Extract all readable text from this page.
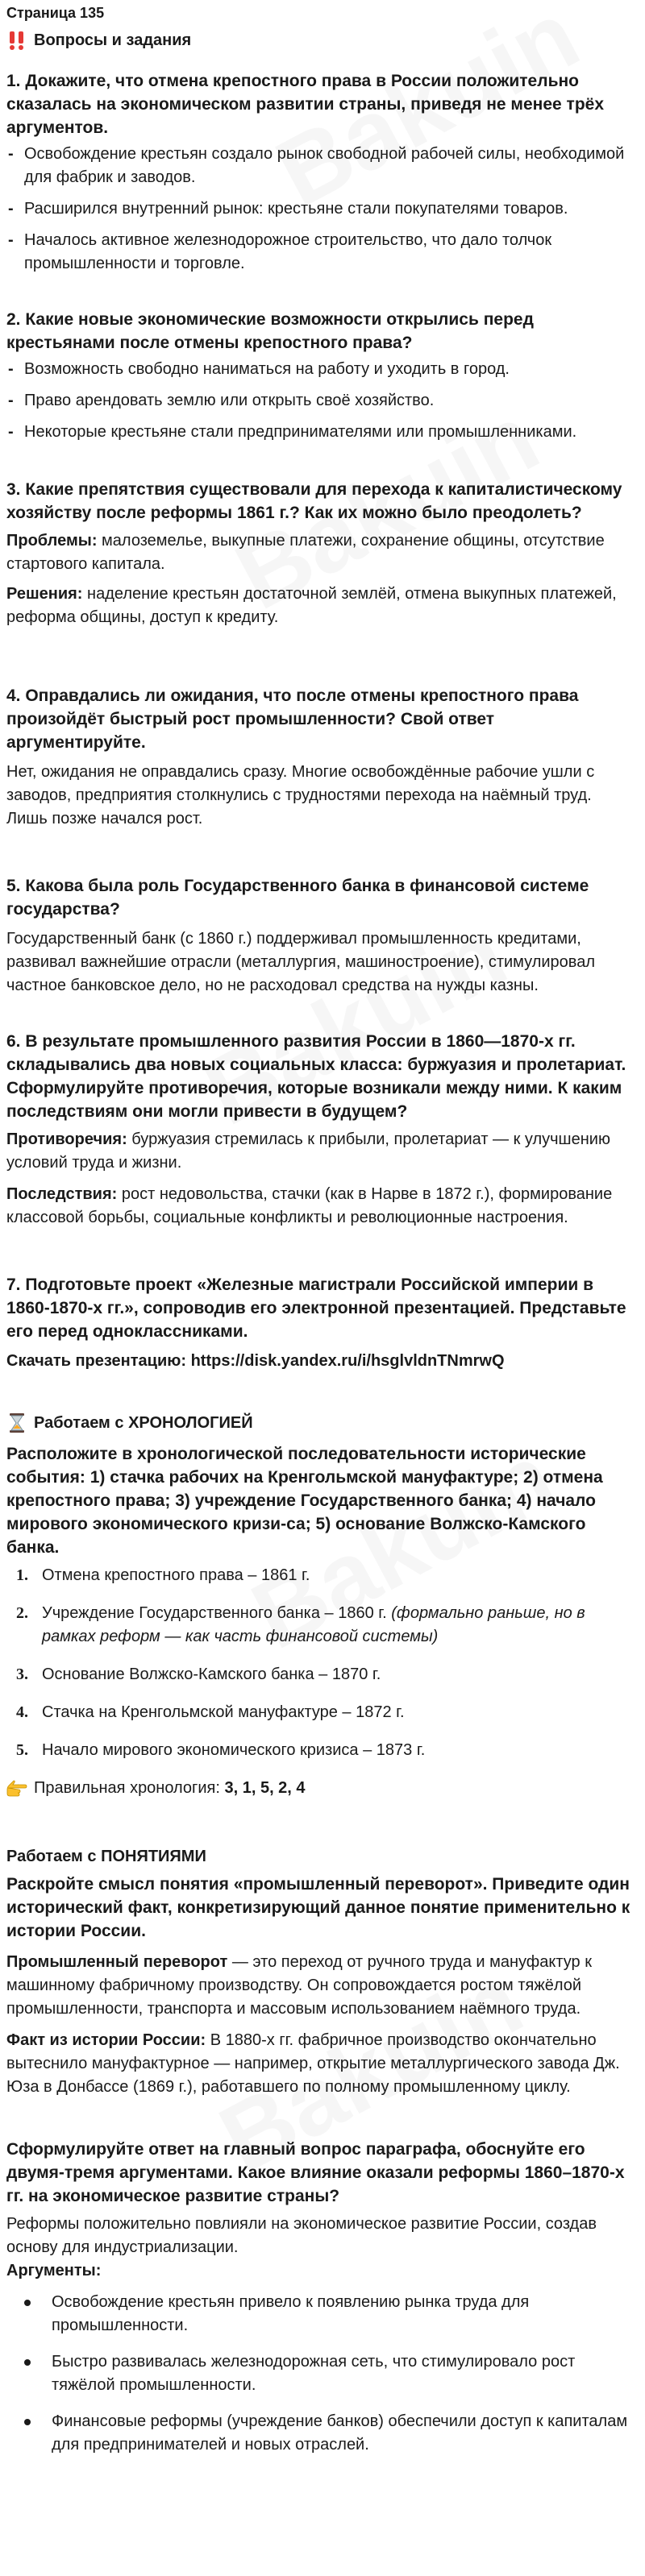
Страница 135
Вопросы и задания

1. Докажите, что отмена крепостного права в России положительно сказалась на экономическом развитии страны, приведя не менее трёх аргументов.

- Освобождение крестьян создало рынок свободной рабочей силы, необходимой для фабрик и заводов.
- Расширился внутренний рынок: крестьяне стали покупателями товаров.
- Началось активное железнодорожное строительство, что дало толчок промышленности и торговле.

2. Какие новые экономические возможности открылись перед крестьянами после отмены крепостного права?

- Возможность свободно наниматься на работу и уходить в город.
- Право арендовать землю или открыть своё хозяйство.
- Некоторые крестьяне стали предпринимателями или промышленниками.

3. Какие препятствия существовали для перехода к капиталистическому хозяйству после реформы 1861 г.? Как их можно было преодолеть?

Проблемы: малоземелье, выкупные платежи, сохранение общины, отсутствие стартового капитала.

Решения: наделение крестьян достаточной землёй, отмена выкупных платежей, реформа общины, доступ к кредиту.

4. Оправдались ли ожидания, что после отмены крепостного права произойдёт быстрый рост промышленности? Свой ответ аргументируйте.

Нет, ожидания не оправдались сразу. Многие освобождённые рабочие ушли с заводов, предприятия столкнулись с трудностями перехода на наёмный труд. Лишь позже начался рост.

5. Какова была роль Государственного банка в финансовой системе государства?

Государственный банк (с 1860 г.) поддерживал промышленность кредитами, развивал важнейшие отрасли (металлургия, машиностроение), стимулировал частное банковское дело, но не расходовал средства на нужды казны.

6. В результате промышленного развития России в 1860—1870-х гг. складывались два новых социальных класса: буржуазия и пролетариат. Сформулируйте противоречия, которые возникали между ними. К каким последствиям они могли привести в будущем?

Противоречия: буржуазия стремилась к прибыли, пролетариат — к улучшению условий труда и жизни.

Последствия: рост недовольства, стачки (как в Нарве в 1872 г.), формирование классовой борьбы, социальные конфликты и революционные настроения.

7. Подготовьте проект «Железные магистрали Российской империи в 1860-1870-х гг.», сопроводив его электронной презентацией. Представьте его перед одноклассниками.

Скачать презентацию: https://disk.yandex.ru/i/hsglvldnTNmrwQ

Работаем с ХРОНОЛОГИЕЙ

Расположите в хронологической последовательности исторические события: 1) стачка рабочих на Кренгольмской мануфактуре; 2) отмена крепостного права; 3) учреждение Государственного банка; 4) начало мирового экономического кризи-са; 5) основание Волжско-Камского банка.

1. Отмена крепостного права – 1861 г.
2. Учреждение Государственного банка – 1860 г. (формально раньше, но в рамках реформ — как часть финансовой системы)
3. Основание Волжско-Камского банка – 1870 г.
4. Стачка на Кренгольмской мануфактуре – 1872 г.
5. Начало мирового экономического кризиса – 1873 г.

Правильная хронология: 3, 1, 5, 2, 4

Работаем с ПОНЯТИЯМИ

Раскройте смысл понятия «промышленный переворот». Приведите один исторический факт, конкретизирующий данное понятие применительно к истории России.

Промышленный переворот — это переход от ручного труда и мануфактур к машинному фабричному производству. Он сопровождается ростом тяжёлой промышленности, транспорта и массовым использованием наёмного труда.

Факт из истории России: В 1880-х гг. фабричное производство окончательно вытеснило мануфактурное — например, открытие металлургического завода Дж. Юза в Донбассе (1869 г.), работавшего по полному промышленному циклу.

Сформулируйте ответ на главный вопрос параграфа, обоснуйте его двумя-тремя аргументами. Какое влияние оказали реформы 1860–1870-х гг. на экономическое развитие страны?

Реформы положительно повлияли на экономическое развитие России, создав основу для индустриализации.

Аргументы:

Освобождение крестьян привело к появлению рынка труда для промышленности.
Быстро развивалась железнодорожная сеть, что стимулировало рост тяжёлой промышленности.
Финансовые реформы (учреждение банков) обеспечили доступ к капиталам для предпринимателей и новых отраслей.
